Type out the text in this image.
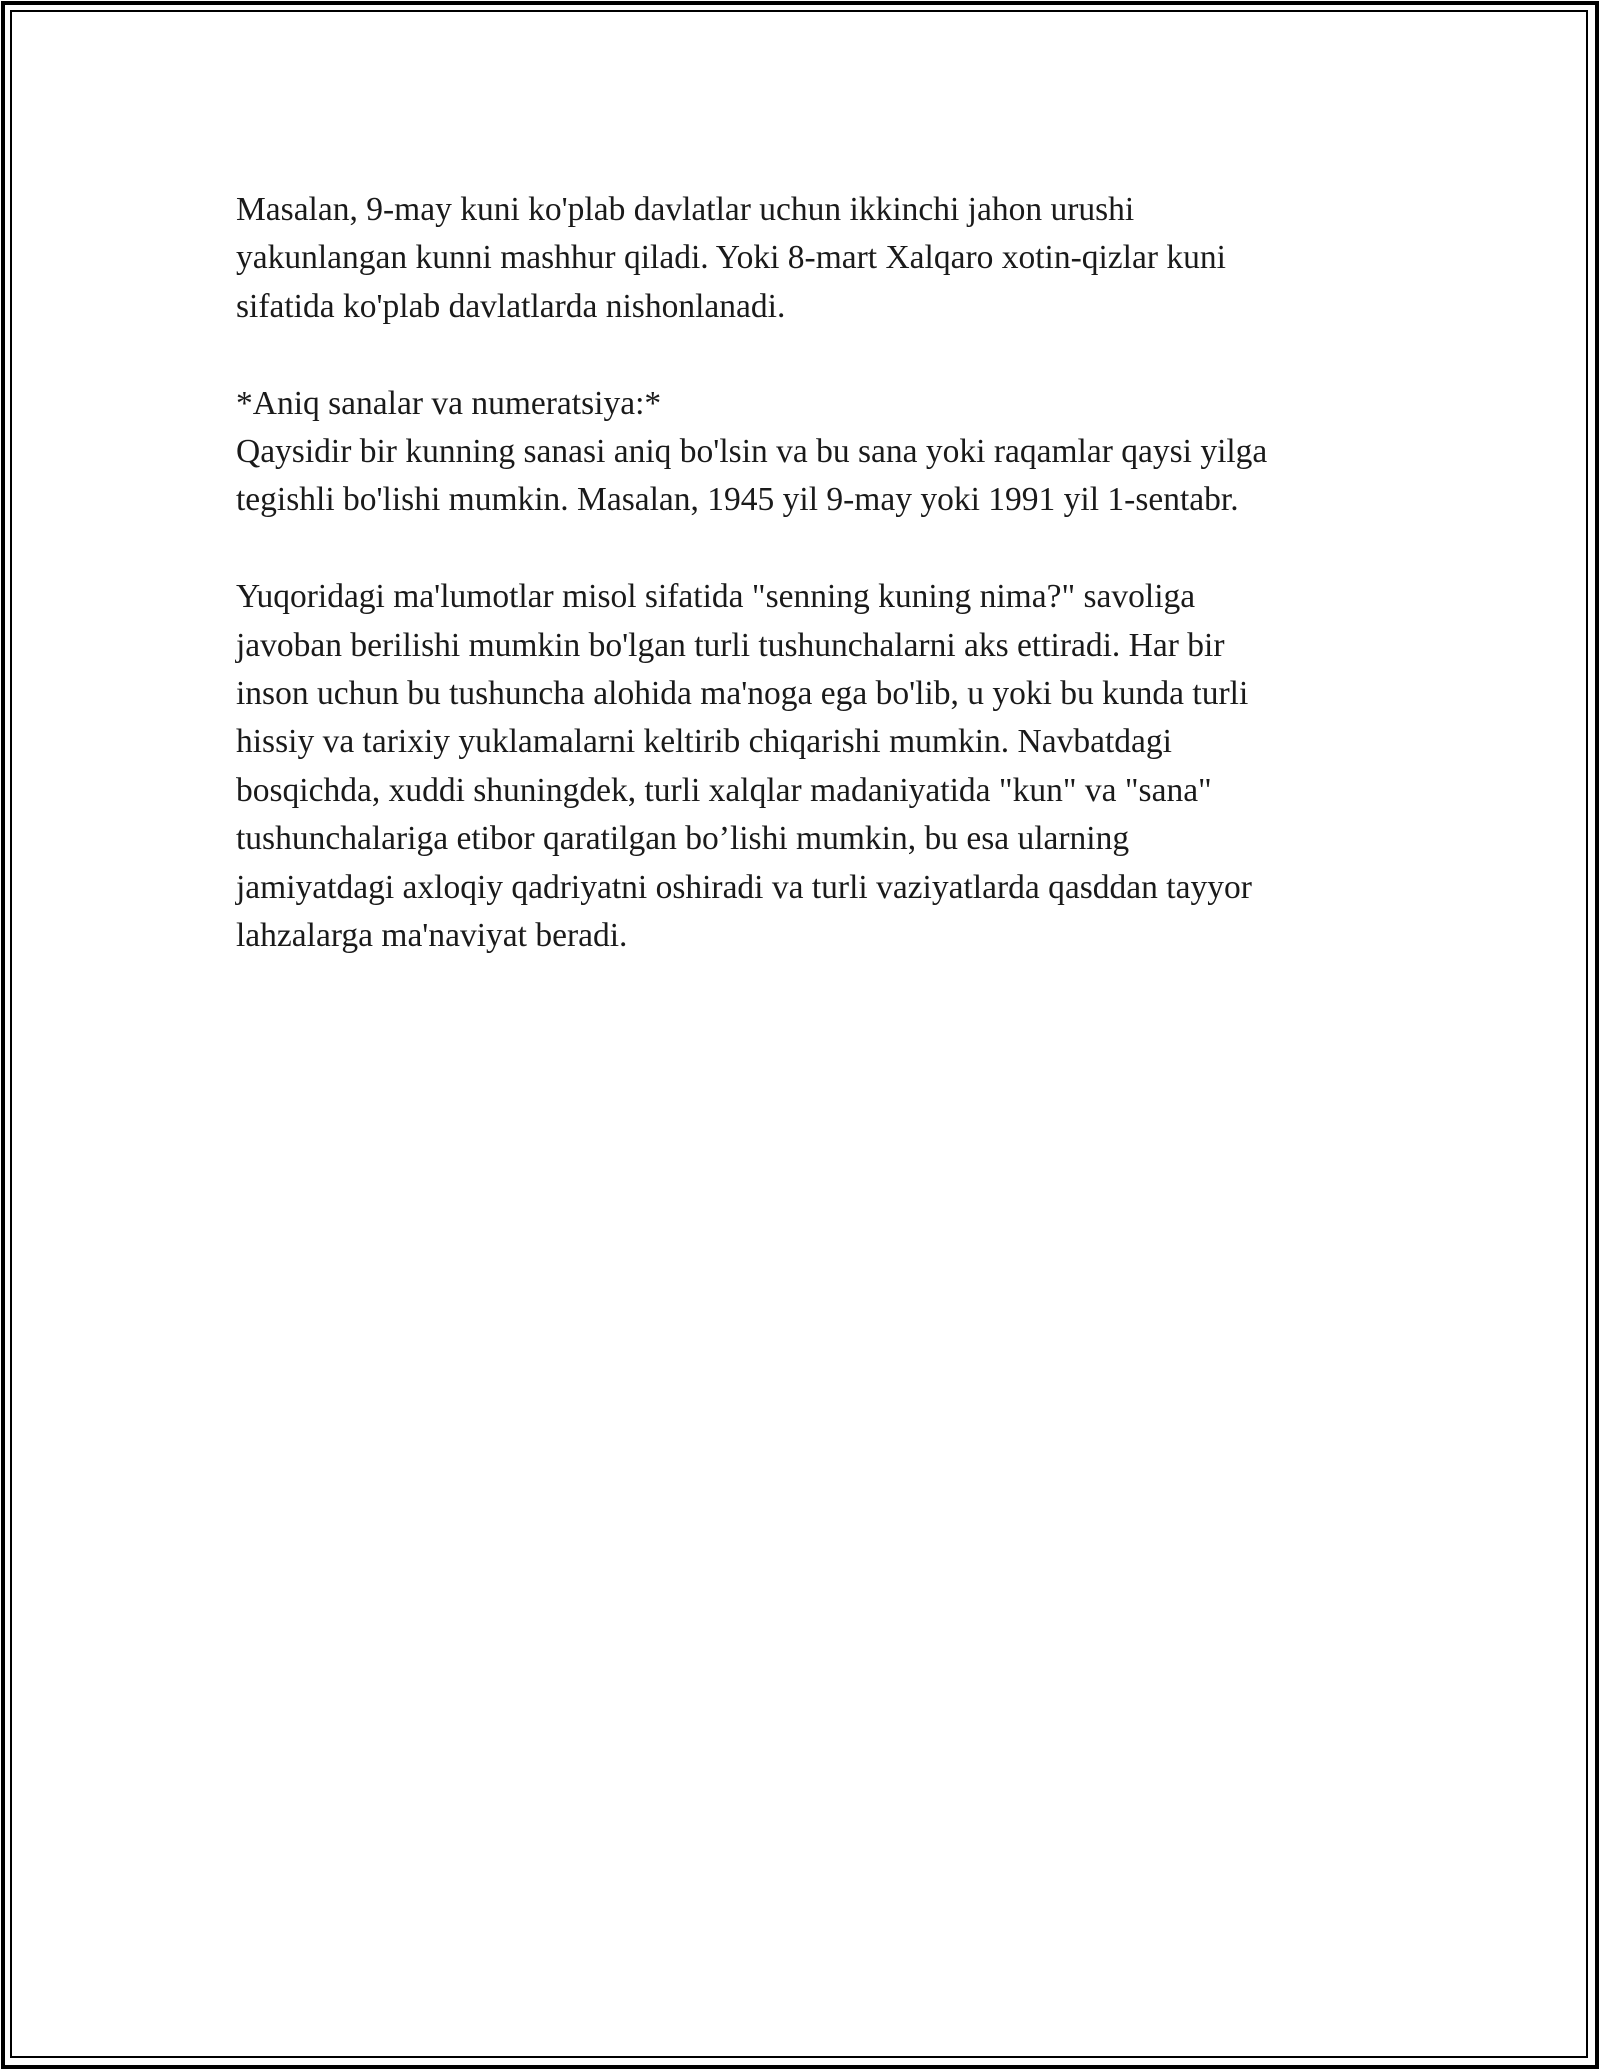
Masalan, 9-may kuni ko'plab davlatlar uchun ikkinchi jahon urushi
yakunlangan kunni mashhur qiladi. Yoki 8-mart Xalqaro xotin-qizlar kuni
sifatida ko'plab davlatlarda nishonlanadi.

*Aniq sanalar va numeratsiya:*
Qaysidir bir kunning sanasi aniq bo'lsin va bu sana yoki raqamlar qaysi yilga
tegishli bo'lishi mumkin. Masalan, 1945 yil 9-may yoki 1991 yil 1-sentabr.

Yuqoridagi ma'lumotlar misol sifatida "senning kuning nima?" savoliga
javoban berilishi mumkin bo'lgan turli tushunchalarni aks ettiradi. Har bir
inson uchun bu tushuncha alohida ma'noga ega bo'lib, u yoki bu kunda turli
hissiy va tarixiy yuklamalarni keltirib chiqarishi mumkin. Navbatdagi
bosqichda, xuddi shuningdek, turli xalqlar madaniyatida "kun" va "sana"
tushunchalariga etibor qaratilgan bo’lishi mumkin, bu esa ularning
jamiyatdagi axloqiy qadriyatni oshiradi va turli vaziyatlarda qasddan tayyor
lahzalarga ma'naviyat beradi.
